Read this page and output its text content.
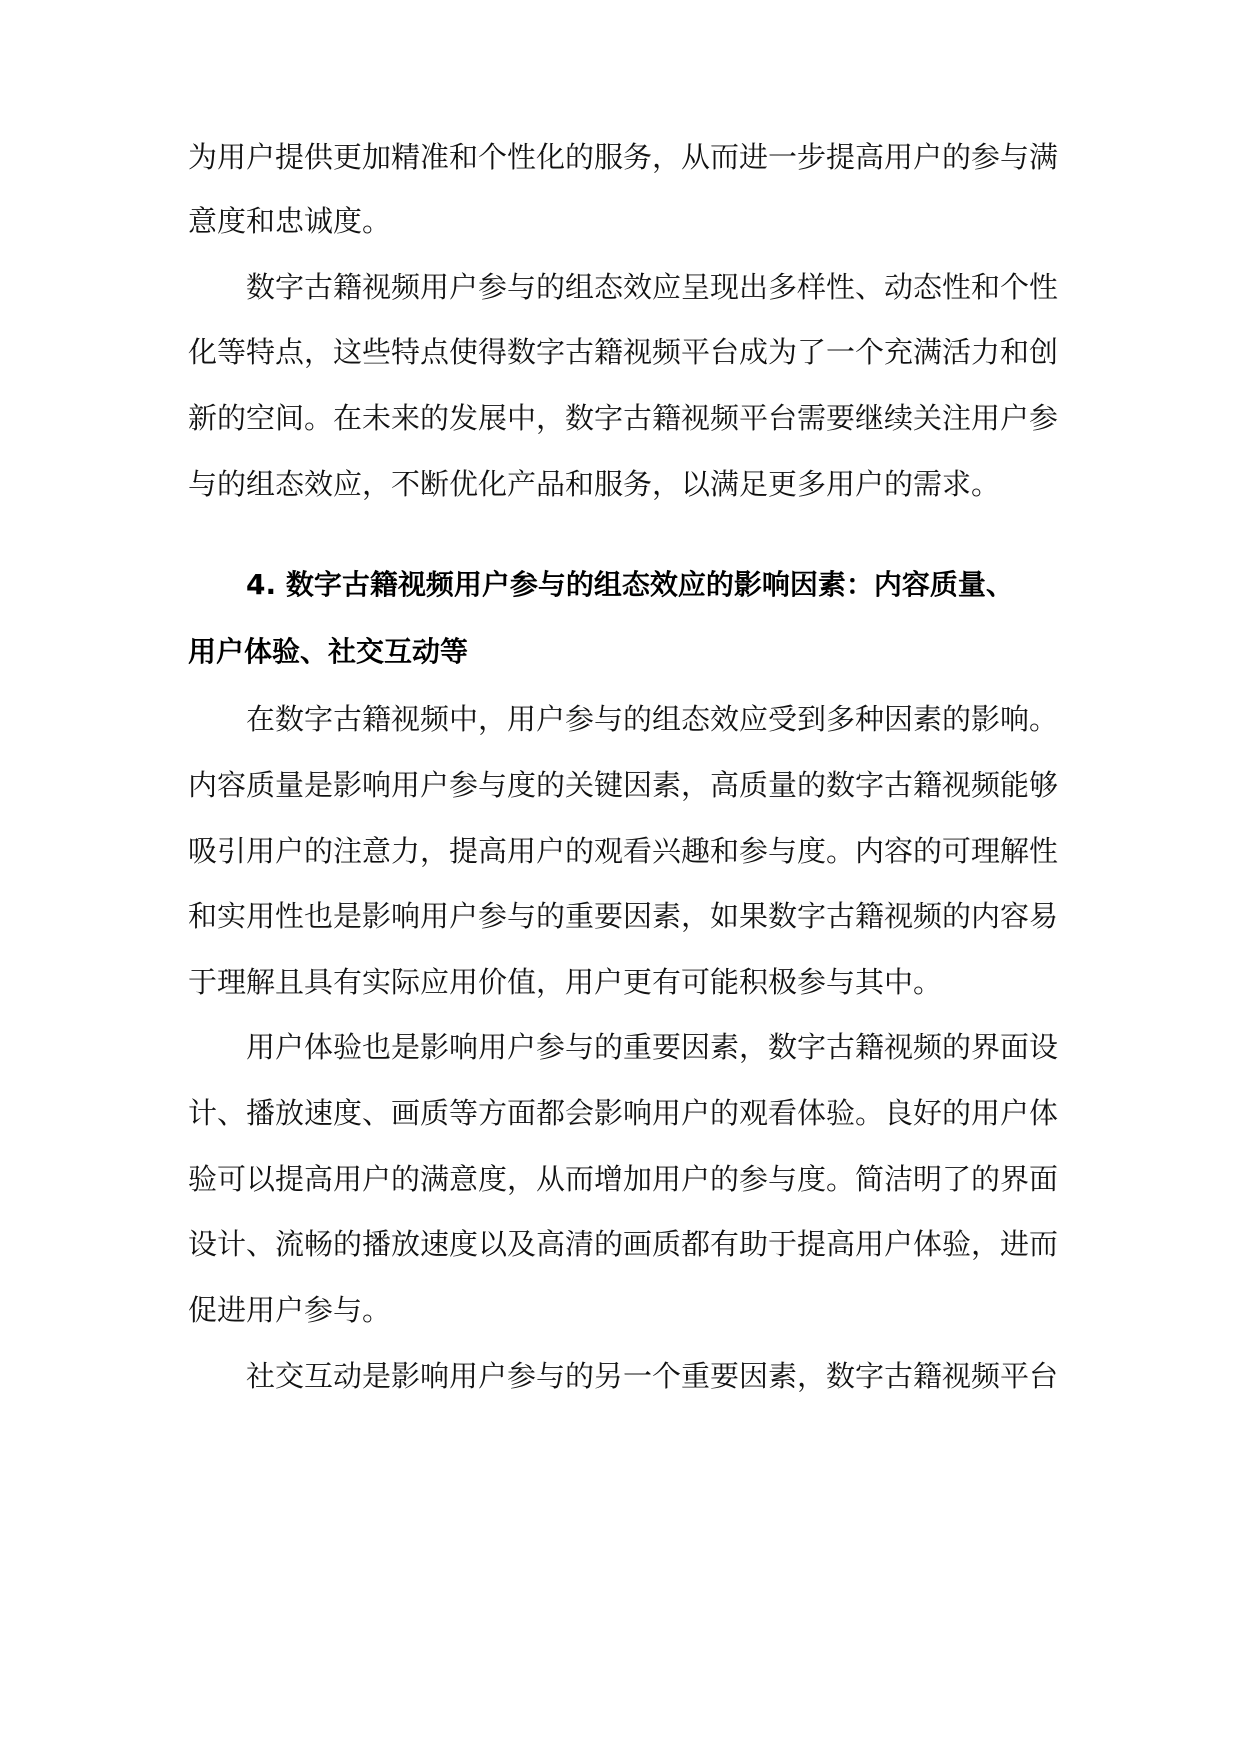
为用户提供更加精准和个性化的服务，从而进一步提高用户的参与满
意度和忠诚度。
数字古籍视频用户参与的组态效应呈现出多样性、动态性和个性
化等特点，这些特点使得数字古籍视频平台成为了一个充满活力和创
新的空间。在未来的发展中，数字古籍视频平台需要继续关注用户参
与的组态效应，不断优化产品和服务，以满足更多用户的需求。
4. 数字古籍视频用户参与的组态效应的影响因素：内容质量、
用户体验、社交互动等
在数字古籍视频中，用户参与的组态效应受到多种因素的影响。
内容质量是影响用户参与度的关键因素，高质量的数字古籍视频能够
吸引用户的注意力，提高用户的观看兴趣和参与度。内容的可理解性
和实用性也是影响用户参与的重要因素，如果数字古籍视频的内容易
于理解且具有实际应用价值，用户更有可能积极参与其中。
用户体验也是影响用户参与的重要因素，数字古籍视频的界面设
计、播放速度、画质等方面都会影响用户的观看体验。良好的用户体
验可以提高用户的满意度，从而增加用户的参与度。简洁明了的界面
设计、流畅的播放速度以及高清的画质都有助于提高用户体验，进而
促进用户参与。
社交互动是影响用户参与的另一个重要因素，数字古籍视频平台
